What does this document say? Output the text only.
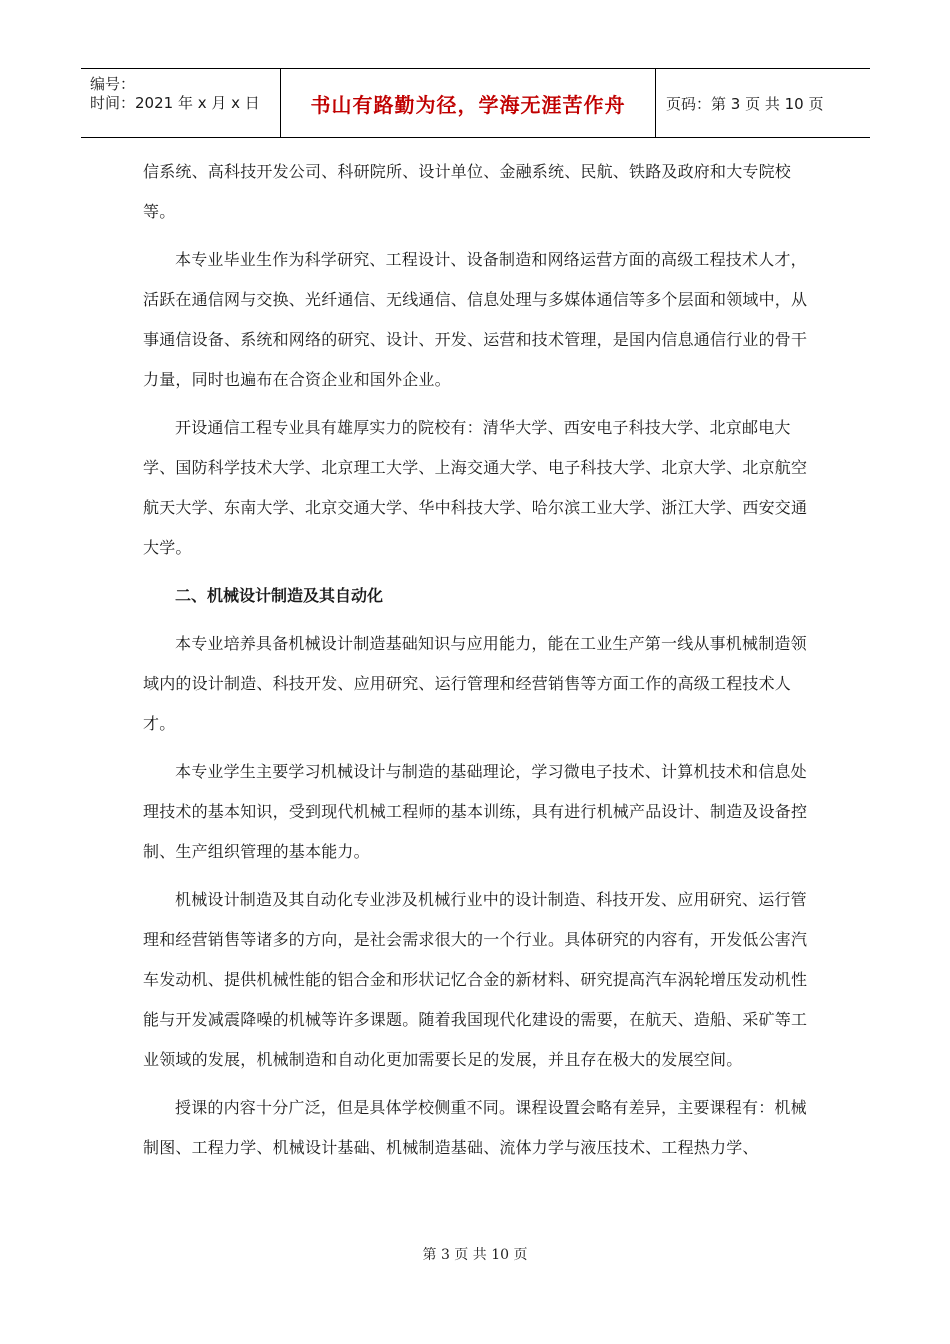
编号：
时间：2021 年 x 月 x 日	书山有路勤为径，学海无涯苦作舟	页码：第 3 页 共 10 页

信系统、高科技开发公司、科研院所、设计单位、金融系统、民航、铁路及政府和大专院校等。

本专业毕业生作为科学研究、工程设计、设备制造和网络运营方面的高级工程技术人才，活跃在通信网与交换、光纤通信、无线通信、信息处理与多媒体通信等多个层面和领域中，从事通信设备、系统和网络的研究、设计、开发、运营和技术管理，是国内信息通信行业的骨干力量，同时也遍布在合资企业和国外企业。

开设通信工程专业具有雄厚实力的院校有：清华大学、西安电子科技大学、北京邮电大学、国防科学技术大学、北京理工大学、上海交通大学、电子科技大学、北京大学、北京航空航天大学、东南大学、北京交通大学、华中科技大学、哈尔滨工业大学、浙江大学、西安交通大学。

二、机械设计制造及其自动化

本专业培养具备机械设计制造基础知识与应用能力，能在工业生产第一线从事机械制造领域内的设计制造、科技开发、应用研究、运行管理和经营销售等方面工作的高级工程技术人才。

本专业学生主要学习机械设计与制造的基础理论，学习微电子技术、计算机技术和信息处理技术的基本知识，受到现代机械工程师的基本训练，具有进行机械产品设计、制造及设备控制、生产组织管理的基本能力。

机械设计制造及其自动化专业涉及机械行业中的设计制造、科技开发、应用研究、运行管理和经营销售等诸多的方向，是社会需求很大的一个行业。具体研究的内容有，开发低公害汽车发动机、提供机械性能的铝合金和形状记忆合金的新材料、研究提高汽车涡轮增压发动机性能与开发减震降噪的机械等许多课题。随着我国现代化建设的需要，在航天、造船、采矿等工业领域的发展，机械制造和自动化更加需要长足的发展，并且存在极大的发展空间。

授课的内容十分广泛，但是具体学校侧重不同。课程设置会略有差异，主要课程有：机械制图、工程力学、机械设计基础、机械制造基础、流体力学与液压技术、工程热力学、

第 3 页 共 10 页
